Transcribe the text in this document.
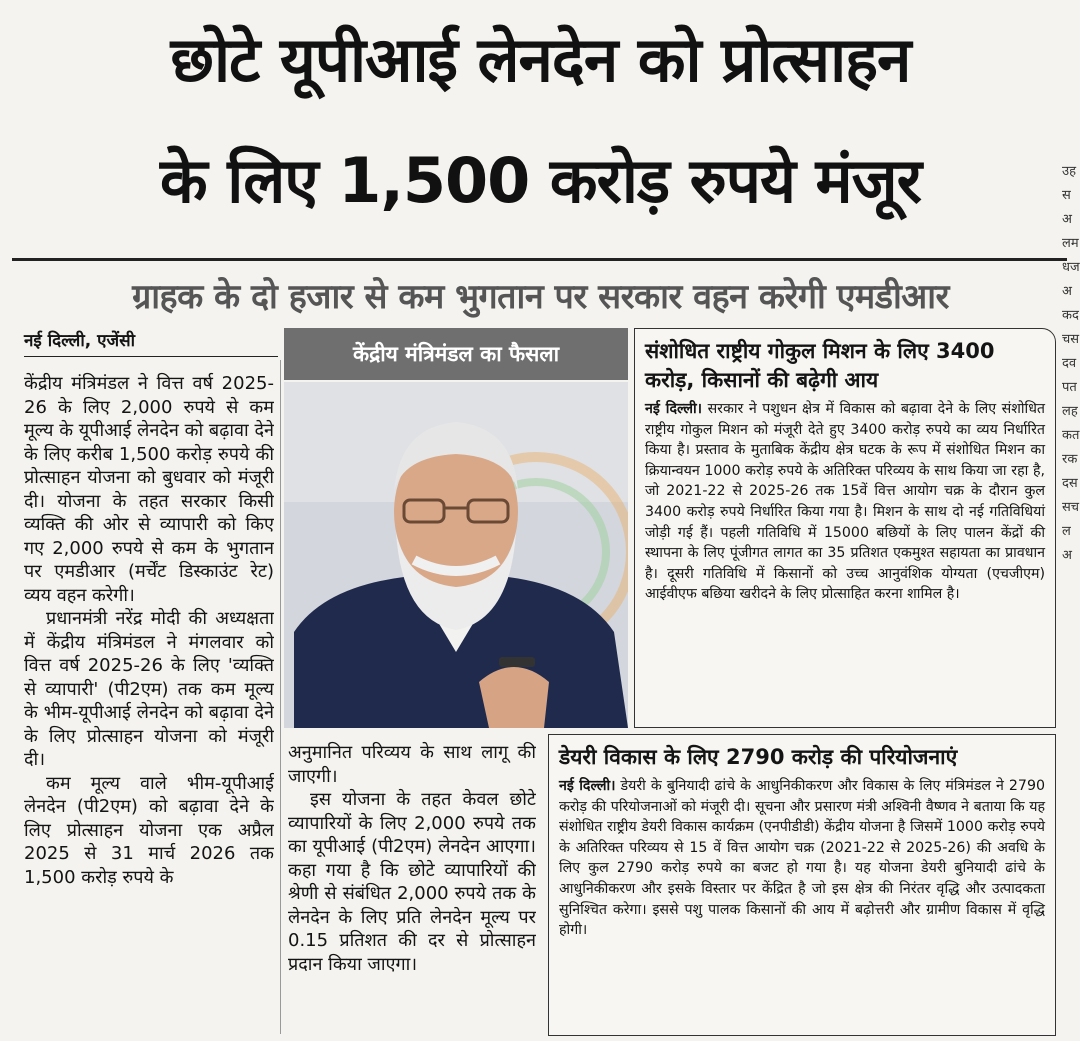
छोटे यूपीआई लेनदेन को प्रोत्साहन
के लिए 1,500 करोड़ रुपये मंजूर
ग्राहक के दो हजार से कम भुगतान पर सरकार वहन करेगी एमडीआर
नई दिल्ली, एजेंसी

केंद्रीय मंत्रिमंडल ने वित्त वर्ष 2025-26 के लिए 2,000 रुपये से कम मूल्य के यूपीआई लेनदेन को बढ़ावा देने के लिए करीब 1,500 करोड़ रुपये की प्रोत्साहन योजना को बुधवार को मंजूरी दी। योजना के तहत सरकार किसी व्यक्ति की ओर से व्यापारी को किए गए 2,000 रुपये से कम के भुगतान पर एमडीआर (मर्चेंट डिस्काउंट रेट) व्यय वहन करेगी।

प्रधानमंत्री नरेंद्र मोदी की अध्यक्षता में केंद्रीय मंत्रिमंडल ने मंगलवार को वित्त वर्ष 2025-26 के लिए 'व्यक्ति से व्यापारी' (पी2एम) तक कम मूल्य के भीम-यूपीआई लेनदेन को बढ़ावा देने के लिए प्रोत्साहन योजना को मंजूरी दी।

कम मूल्य वाले भीम-यूपीआई लेनदेन (पी2एम) को बढ़ावा देने के लिए प्रोत्साहन योजना एक अप्रैल 2025 से 31 मार्च 2026 तक 1,500 करोड़ रुपये के

केंद्रीय मंत्रिमंडल का फैसला

अनुमानित परिव्यय के साथ लागू की जाएगी।

इस योजना के तहत केवल छोटे व्यापारियों के लिए 2,000 रुपये तक का यूपीआई (पी2एम) लेनदेन आएगा। कहा गया है कि छोटे व्यापारियों की श्रेणी से संबंधित 2,000 रुपये तक के लेनदेन के लिए प्रति लेनदेन मूल्य पर 0.15 प्रतिशत की दर से प्रोत्साहन प्रदान किया जाएगा।

संशोधित राष्ट्रीय गोकुल मिशन के लिए 3400 करोड़, किसानों की बढ़ेगी आय

नई दिल्ली। सरकार ने पशुधन क्षेत्र में विकास को बढ़ावा देने के लिए संशोधित राष्ट्रीय गोकुल मिशन को मंजूरी देते हुए 3400 करोड़ रुपये का व्यय निर्धारित किया है। प्रस्ताव के मुताबिक केंद्रीय क्षेत्र घटक के रूप में संशोधित मिशन का क्रियान्वयन 1000 करोड़ रुपये के अतिरिक्त परिव्यय के साथ किया जा रहा है, जो 2021-22 से 2025-26 तक 15वें वित्त आयोग चक्र के दौरान कुल 3400 करोड़ रुपये निर्धारित किया गया है। मिशन के साथ दो नई गतिविधियां जोड़ी गई हैं। पहली गतिविधि में 15000 बछियों के लिए पालन केंद्रों की स्थापना के लिए पूंजीगत लागत का 35 प्रतिशत एकमुश्त सहायता का प्रावधान है। दूसरी गतिविधि में किसानों को उच्च आनुवंशिक योग्यता (एचजीएम) आईवीएफ बछिया खरीदने के लिए प्रोत्साहित करना शामिल है।

डेयरी विकास के लिए 2790 करोड़ की परियोजनाएं

नई दिल्ली। डेयरी के बुनियादी ढांचे के आधुनिकीकरण और विकास के लिए मंत्रिमंडल ने 2790 करोड़ की परियोजनाओं को मंजूरी दी। सूचना और प्रसारण मंत्री अश्विनी वैष्णव ने बताया कि यह संशोधित राष्ट्रीय डेयरी विकास कार्यक्रम (एनपीडीडी) केंद्रीय योजना है जिसमें 1000 करोड़ रुपये के अतिरिक्त परिव्यय से 15 वें वित्त आयोग चक्र (2021-22 से 2025-26) की अवधि के लिए कुल 2790 करोड़ रुपये का बजट हो गया है। यह योजना डेयरी बुनियादी ढांचे के आधुनिकीकरण और इसके विस्तार पर केंद्रित है जो इस क्षेत्र की निरंतर वृद्धि और उत्पादकता सुनिश्चित करेगा। इससे पशु पालक किसानों की आय में बढ़ोत्तरी और ग्रामीण विकास में वृद्धि होगी।

उहसअलमधजअकदचसदवपतलहकतरकदससचलअ
